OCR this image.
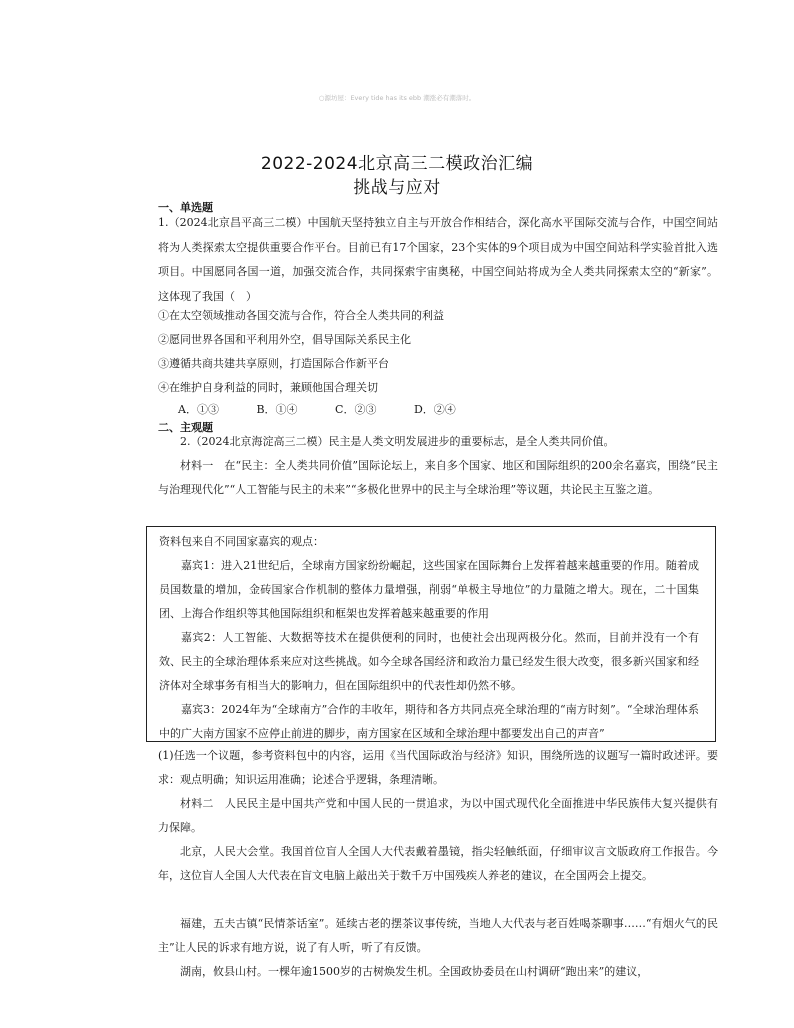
○源坊屋：Every tide has its ebb 潮涨必有潮落时。
2022-2024北京高三二模政治汇编
挑战与应对
一、单选题
1.（2024北京昌平高三二模）中国航天坚持独立自主与开放合作相结合，深化高水平国际交流与合作，中国空间站将为人类探索太空提供重要合作平台。目前已有17个国家，23个实体的9个项目成为中国空间站科学实验首批入选项目。中国愿同各国一道，加强交流合作，共同探索宇宙奥秘，中国空间站将成为全人类共同探索太空的“新家”。这体现了我国（　）
①在太空领域推动各国交流与合作，符合全人类共同的利益
②愿同世界各国和平利用外空，倡导国际关系民主化
③遵循共商共建共享原则，打造国际合作新平台
④在维护自身利益的同时，兼顾他国合理关切
A．①③	B．①④	C．②③	D．②④
二、主观题
2.（2024北京海淀高三二模）民主是人类文明发展进步的重要标志，是全人类共同价值。
材料一　在“民主：全人类共同价值”国际论坛上，来自多个国家、地区和国际组织的200余名嘉宾，围绕“民主与治理现代化”“人工智能与民主的未来”“多极化世界中的民主与全球治理”等议题，共论民主互鉴之道。
资料包来自不同国家嘉宾的观点：
嘉宾1：进入21世纪后，全球南方国家纷纷崛起，这些国家在国际舞台上发挥着越来越重要的作用。随着成员国数量的增加，金砖国家合作机制的整体力量增强，削弱“单极主导地位”的力量随之增大。现在，二十国集团、上海合作组织等其他国际组织和框架也发挥着越来越重要的作用
嘉宾2：人工智能、大数据等技术在提供便利的同时，也使社会出现两极分化。然而，目前并没有一个有效、民主的全球治理体系来应对这些挑战。如今全球各国经济和政治力量已经发生很大改变，很多新兴国家和经济体对全球事务有相当大的影响力，但在国际组织中的代表性却仍然不够。
嘉宾3：2024年为“全球南方”合作的丰收年，期待和各方共同点亮全球治理的“南方时刻”。“全球治理体系中的广大南方国家不应停止前进的脚步，南方国家在区域和全球治理中都要发出自己的声音”
(1)任选一个议题，参考资料包中的内容，运用《当代国际政治与经济》知识，围绕所选的议题写一篇时政述评。要求：观点明确；知识运用准确；论述合乎逻辑，条理清晰。
材料二　人民民主是中国共产党和中国人民的一贯追求，为以中国式现代化全面推进中华民族伟大复兴提供有力保障。
北京，人民大会堂。我国首位盲人全国人大代表戴着墨镜，指尖轻触纸面，仔细审议言文版政府工作报告。今年，这位盲人全国人大代表在盲文电脑上敲出关于数千万中国残疾人养老的建议，在全国两会上提交。
福建，五夫古镇“民情茶话室”。延续古老的摆茶议事传统，当地人大代表与老百姓喝茶聊事……“有烟火气的民主”让人民的诉求有地方说，说了有人听，听了有反馈。
湖南，攸县山村。一棵年逾1500岁的古树焕发生机。全国政协委员在山村调研“跑出来”的建议，
